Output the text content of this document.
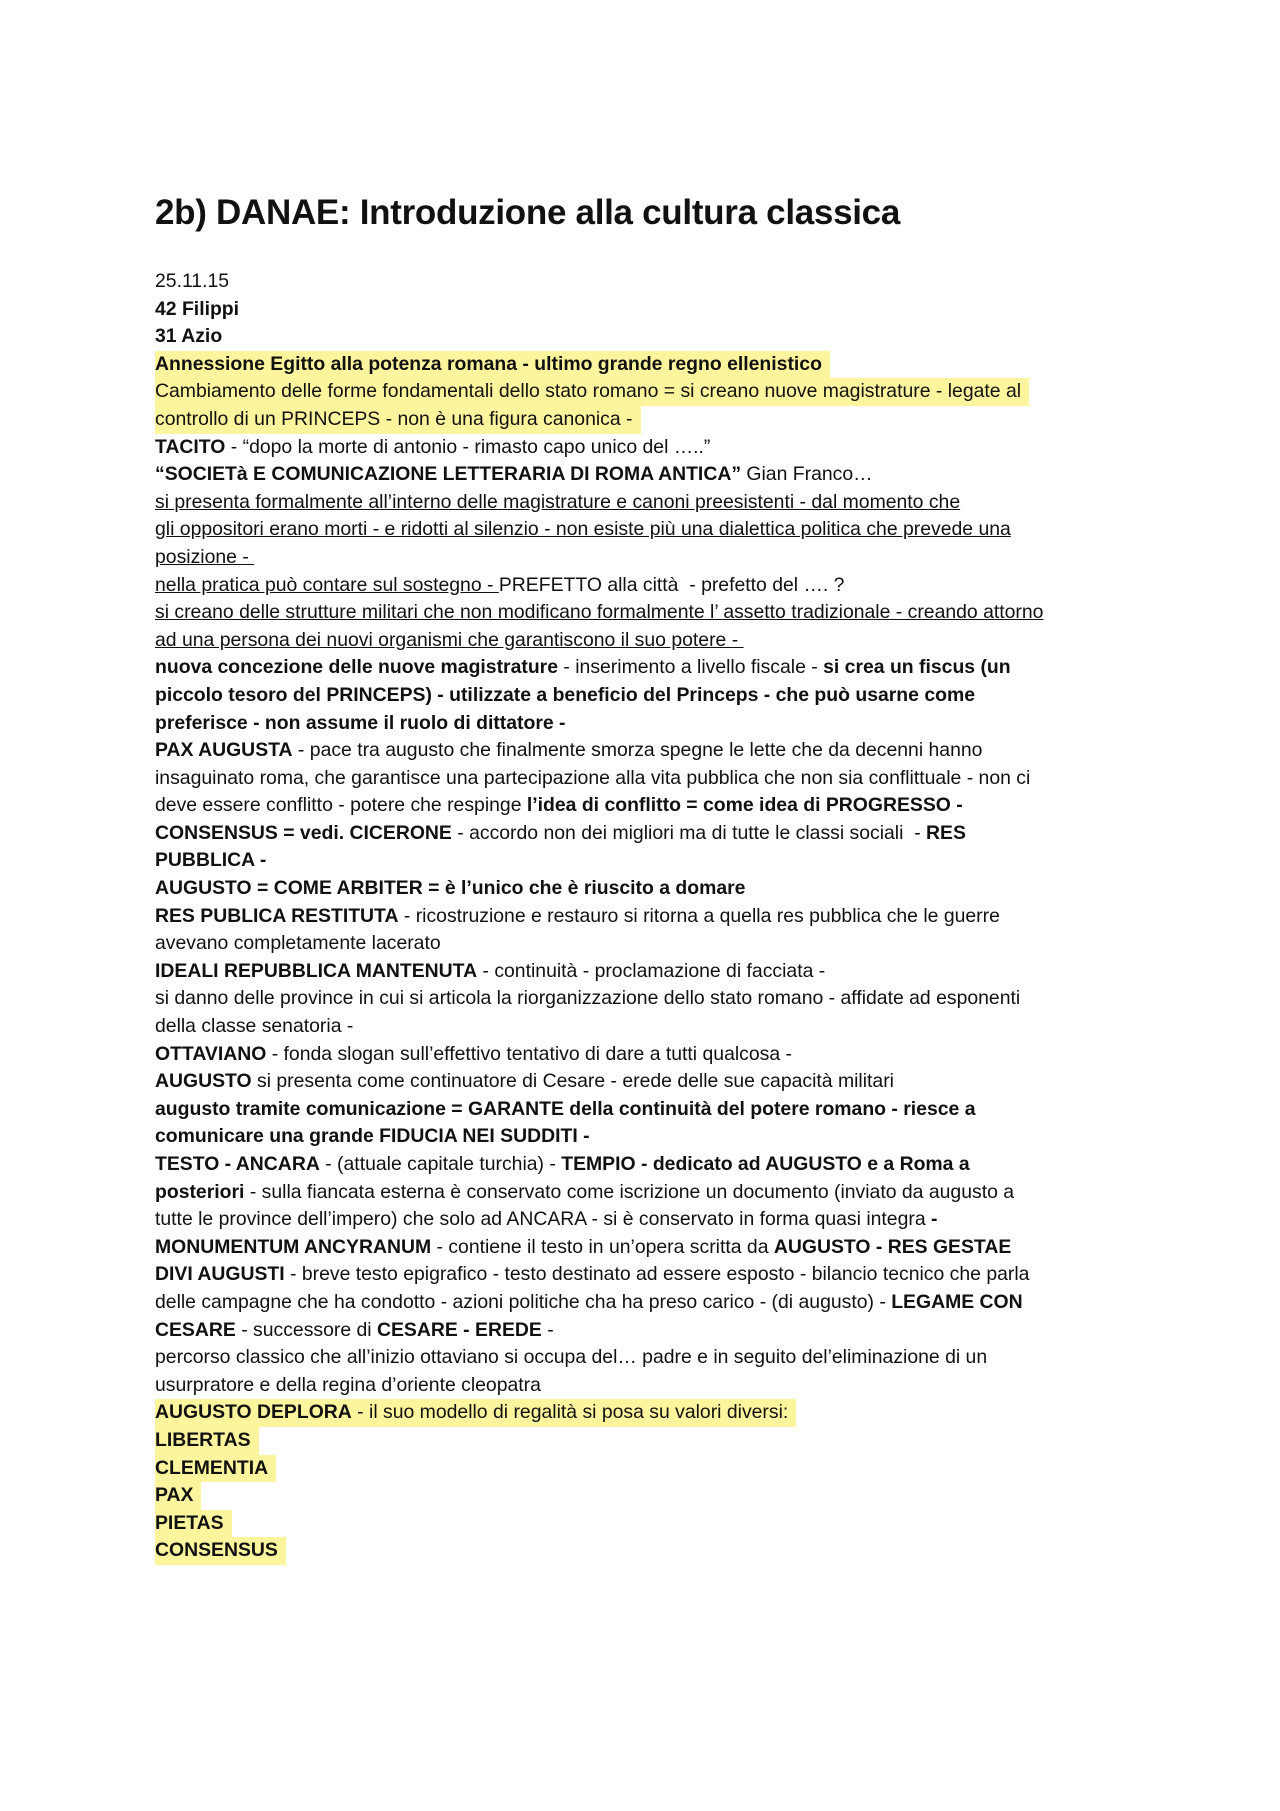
2b) DANAE: Introduzione alla cultura classica
25.11.15
42 Filippi
31 Azio
Annessione Egitto alla potenza romana - ultimo grande regno ellenistico
Cambiamento delle forme fondamentali dello stato romano = si creano nuove magistrature - legate al
controllo di un PRINCEPS - non è una figura canonica -
TACITO - “dopo la morte di antonio - rimasto capo unico del …..”
“SOCIETà E COMUNICAZIONE LETTERARIA DI ROMA ANTICA” Gian Franco…
si presenta formalmente all’interno delle magistrature e canoni preesistenti - dal momento che
gli oppositori erano morti - e ridotti al silenzio - non esiste più una dialettica politica che prevede una
posizione -
nella pratica può contare sul sostegno - PREFETTO alla città  - prefetto del …. ?
si creano delle strutture militari che non modificano formalmente l’ assetto tradizionale - creando attorno
ad una persona dei nuovi organismi che garantiscono il suo potere -
nuova concezione delle nuove magistrature - inserimento a livello fiscale - si crea un fiscus (un
piccolo tesoro del PRINCEPS) - utilizzate a beneficio del Princeps - che può usarne come
preferisce - non assume il ruolo di dittatore -
PAX AUGUSTA - pace tra augusto che finalmente smorza spegne le lette che da decenni hanno
insaguinato roma, che garantisce una partecipazione alla vita pubblica che non sia conflittuale - non ci
deve essere conflitto - potere che respinge l’idea di conflitto = come idea di PROGRESSO -
CONSENSUS = vedi. CICERONE - accordo non dei migliori ma di tutte le classi sociali  - RES
PUBBLICA -
AUGUSTO = COME ARBITER = è l’unico che è riuscito a domare
RES PUBLICA RESTITUTA - ricostruzione e restauro si ritorna a quella res pubblica che le guerre
avevano completamente lacerato
IDEALI REPUBBLICA MANTENUTA - continuità - proclamazione di facciata -
si danno delle province in cui si articola la riorganizzazione dello stato romano - affidate ad esponenti
della classe senatoria -
OTTAVIANO - fonda slogan sull’effettivo tentativo di dare a tutti qualcosa -
AUGUSTO si presenta come continuatore di Cesare - erede delle sue capacità militari
augusto tramite comunicazione = GARANTE della continuità del potere romano - riesce a
comunicare una grande FIDUCIA NEI SUDDITI -
TESTO - ANCARA - (attuale capitale turchia) - TEMPIO - dedicato ad AUGUSTO e a Roma a
posteriori - sulla fiancata esterna è conservato come iscrizione un documento (inviato da augusto a
tutte le province dell’impero) che solo ad ANCARA - si è conservato in forma quasi integra -
MONUMENTUM ANCYRANUM - contiene il testo in un’opera scritta da AUGUSTO - RES GESTAE
DIVI AUGUSTI - breve testo epigrafico - testo destinato ad essere esposto - bilancio tecnico che parla
delle campagne che ha condotto - azioni politiche cha ha preso carico - (di augusto) - LEGAME CON
CESARE - successore di CESARE - EREDE -
percorso classico che all’inizio ottaviano si occupa del… padre e in seguito del’eliminazione di un
usurpratore e della regina d’oriente cleopatra
AUGUSTO DEPLORA - il suo modello di regalità si posa su valori diversi:
LIBERTAS
CLEMENTIA
PAX
PIETAS
CONSENSUS
